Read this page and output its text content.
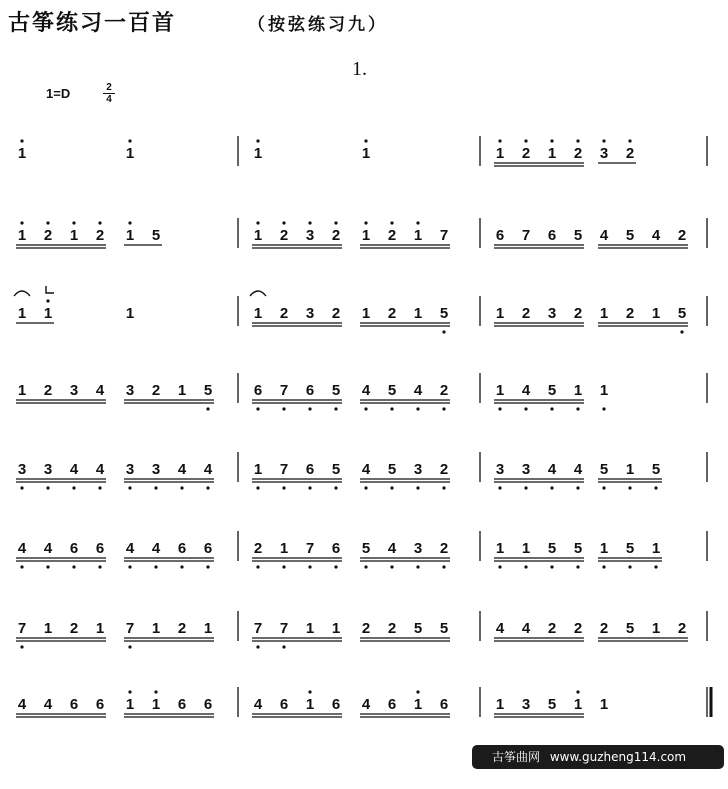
古筝练习一百首	（按弦练习九）
1.
1=D	2
4
1	1	1	1	1 2 1 2 3 2
1 2 1 2 1 5	1 2 3 2 1 2 1 7	6 7 6 5 4 5 4 2
1 1	1	1 2 3 2 1 2 1 5	1 2 3 2 1 2 1 5
1 2 3 4 3 2 1 5	6 7 6 5 4 5 4 2	1 4 5 1 1
3 3 4 4 3 3 4 4	1 7 6 5 4 5 3 2	3 3 4 4 5 1 5
4 4 6 6 4 4 6 6	2 1 7 6 5 4 3 2	1 1 5 5 1 5 1
7 1 2 1 7 1 2 1	7 7 1 1 2 2 5 5	4 4 2 2 2 5 1 2
4 4 6 6 1 1 6 6	4 6 1 6 4 6 1 6	1 3 5 1 1
古筝曲网 www.guzheng114.com
